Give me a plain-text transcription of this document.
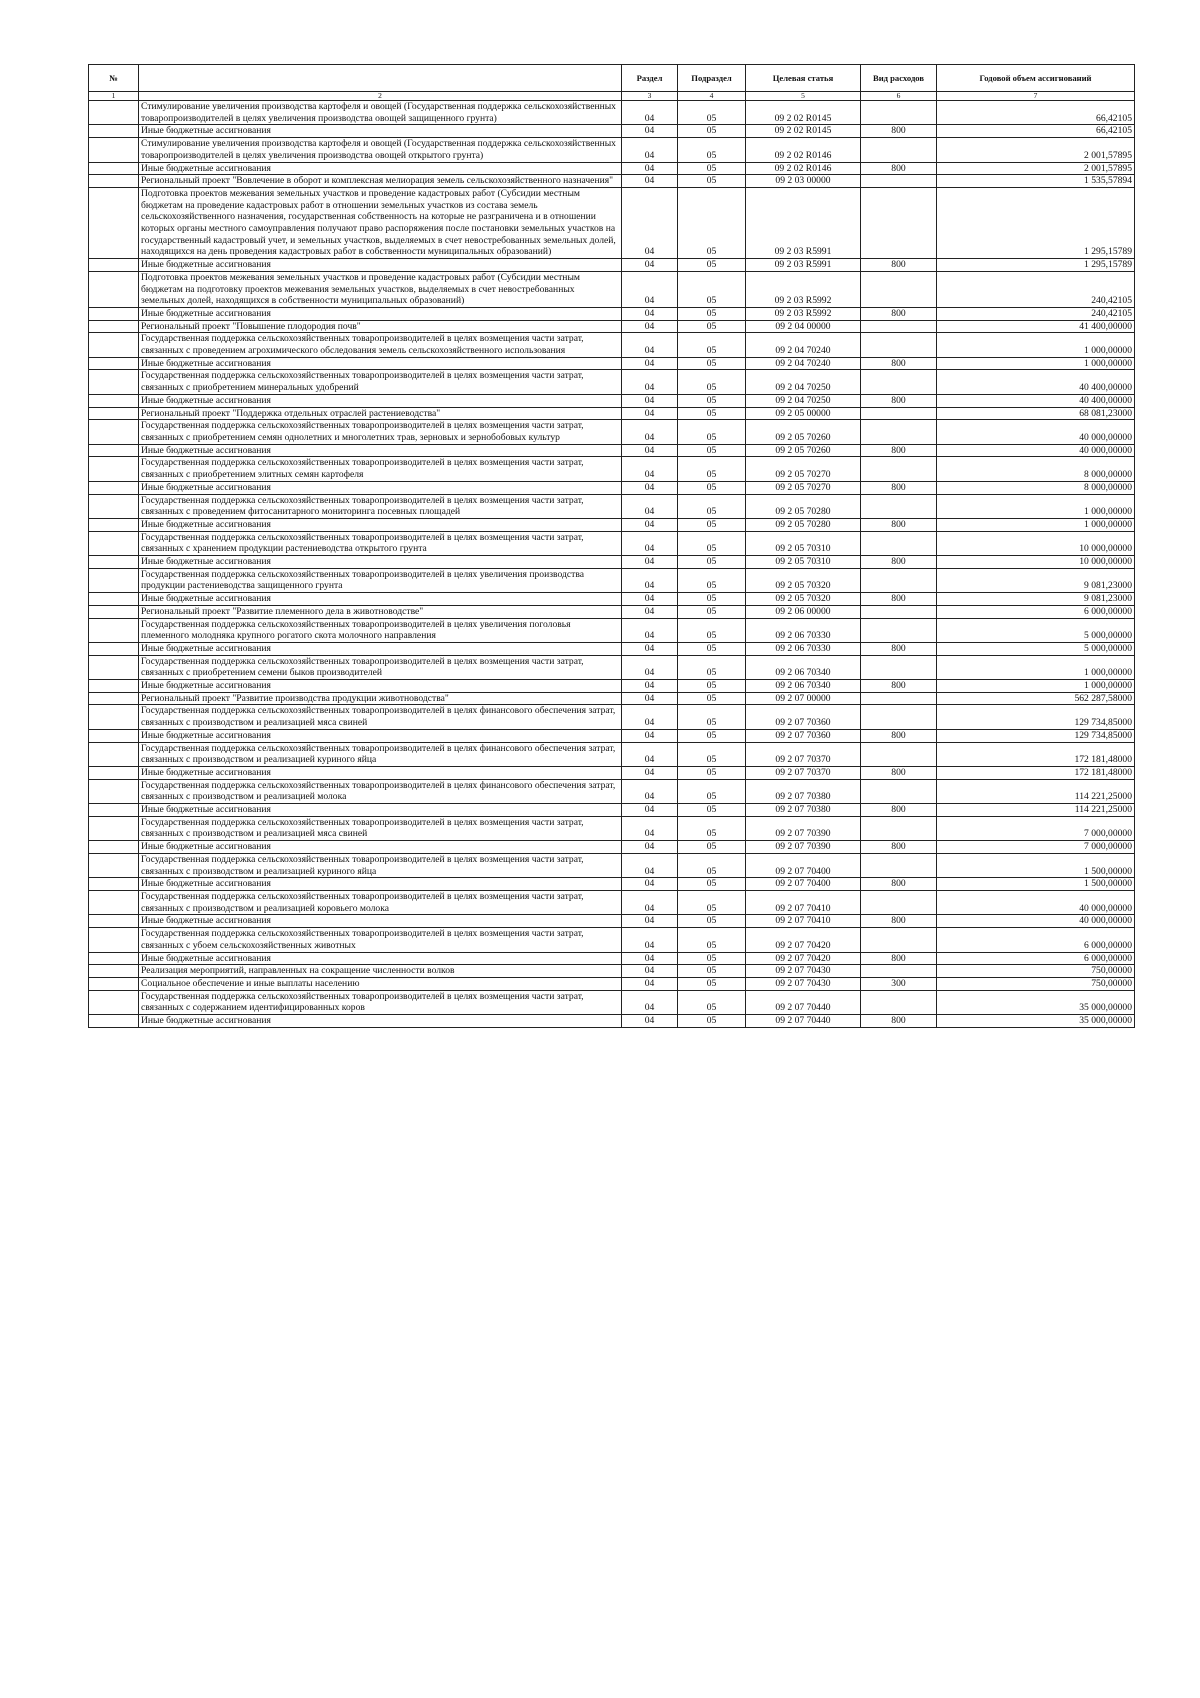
№		Раздел	Подраздел	Целевая статья	Вид расходов	Годовой объем ассигнований
1	2	3	4	5	6	7
	Стимулирование увеличения производства картофеля и овощей (Государственная поддержка сельскохозяйственных товаропроизводителей в целях увеличения производства овощей защищенного грунта)	04	05	09 2 02 R0145		66,42105
	Иные бюджетные ассигнования	04	05	09 2 02 R0145	800	66,42105
	Стимулирование увеличения производства картофеля и овощей (Государственная поддержка сельскохозяйственных товаропроизводителей в целях увеличения производства овощей открытого грунта)	04	05	09 2 02 R0146		2 001,57895
	Иные бюджетные ассигнования	04	05	09 2 02 R0146	800	2 001,57895
	Региональный проект "Вовлечение в оборот и комплексная мелиорация земель сельскохозяйственного назначения"	04	05	09 2 03 00000		1 535,57894
	Подготовка проектов межевания земельных участков и проведение кадастровых работ (Субсидии местным бюджетам на проведение кадастровых работ в отношении земельных участков из состава земель сельскохозяйственного назначения, государственная собственность на которые не разграничена и в отношении которых органы местного самоуправления получают право распоряжения после постановки земельных участков на государственный кадастровый учет, и земельных участков, выделяемых в счет невостребованных земельных долей, находящихся на день проведения кадастровых работ в собственности муниципальных образований)	04	05	09 2 03 R5991		1 295,15789
	Иные бюджетные ассигнования	04	05	09 2 03 R5991	800	1 295,15789
	Подготовка проектов межевания земельных участков и проведение кадастровых работ (Субсидии местным бюджетам на подготовку проектов межевания земельных участков, выделяемых в счет невостребованных земельных долей, находящихся в собственности муниципальных образований)	04	05	09 2 03 R5992		240,42105
	Иные бюджетные ассигнования	04	05	09 2 03 R5992	800	240,42105
	Региональный проект "Повышение плодородия почв"	04	05	09 2 04 00000		41 400,00000
	Государственная поддержка сельскохозяйственных товаропроизводителей в целях возмещения части затрат, связанных с проведением агрохимического обследования земель сельскохозяйственного использования	04	05	09 2 04 70240		1 000,00000
	Иные бюджетные ассигнования	04	05	09 2 04 70240	800	1 000,00000
	Государственная поддержка сельскохозяйственных товаропроизводителей в целях возмещения части затрат, связанных с приобретением минеральных удобрений	04	05	09 2 04 70250		40 400,00000
	Иные бюджетные ассигнования	04	05	09 2 04 70250	800	40 400,00000
	Региональный проект "Поддержка отдельных отраслей растениеводства"	04	05	09 2 05 00000		68 081,23000
	Государственная поддержка сельскохозяйственных товаропроизводителей в целях возмещения части затрат, связанных с приобретением семян однолетних и многолетних трав, зерновых и зернобобовых культур	04	05	09 2 05 70260		40 000,00000
	Иные бюджетные ассигнования	04	05	09 2 05 70260	800	40 000,00000
	Государственная поддержка сельскохозяйственных товаропроизводителей в целях возмещения части затрат, связанных с приобретением элитных семян картофеля	04	05	09 2 05 70270		8 000,00000
	Иные бюджетные ассигнования	04	05	09 2 05 70270	800	8 000,00000
	Государственная поддержка сельскохозяйственных товаропроизводителей в целях возмещения части затрат, связанных с проведением фитосанитарного мониторинга посевных площадей	04	05	09 2 05 70280		1 000,00000
	Иные бюджетные ассигнования	04	05	09 2 05 70280	800	1 000,00000
	Государственная поддержка сельскохозяйственных товаропроизводителей в целях возмещения части затрат, связанных с хранением продукции растениеводства открытого грунта	04	05	09 2 05 70310		10 000,00000
	Иные бюджетные ассигнования	04	05	09 2 05 70310	800	10 000,00000
	Государственная поддержка сельскохозяйственных товаропроизводителей в целях увеличения производства продукции растениеводства защищенного грунта	04	05	09 2 05 70320		9 081,23000
	Иные бюджетные ассигнования	04	05	09 2 05 70320	800	9 081,23000
	Региональный проект "Развитие племенного дела в животноводстве"	04	05	09 2 06 00000		6 000,00000
	Государственная поддержка сельскохозяйственных товаропроизводителей в целях увеличения поголовья племенного молодняка крупного рогатого скота молочного направления	04	05	09 2 06 70330		5 000,00000
	Иные бюджетные ассигнования	04	05	09 2 06 70330	800	5 000,00000
	Государственная поддержка сельскохозяйственных товаропроизводителей в целях возмещения части затрат, связанных с приобретением семени быков производителей	04	05	09 2 06 70340		1 000,00000
	Иные бюджетные ассигнования	04	05	09 2 06 70340	800	1 000,00000
	Региональный проект "Развитие производства продукции животноводства"	04	05	09 2 07 00000		562 287,58000
	Государственная поддержка сельскохозяйственных товаропроизводителей в целях финансового обеспечения затрат, связанных с производством и реализацией мяса свиней	04	05	09 2 07 70360		129 734,85000
	Иные бюджетные ассигнования	04	05	09 2 07 70360	800	129 734,85000
	Государственная поддержка сельскохозяйственных товаропроизводителей в целях финансового обеспечения затрат, связанных с производством и реализацией куриного яйца	04	05	09 2 07 70370		172 181,48000
	Иные бюджетные ассигнования	04	05	09 2 07 70370	800	172 181,48000
	Государственная поддержка сельскохозяйственных товаропроизводителей в целях финансового обеспечения затрат, связанных с производством и реализацией молока	04	05	09 2 07 70380		114 221,25000
	Иные бюджетные ассигнования	04	05	09 2 07 70380	800	114 221,25000
	Государственная поддержка сельскохозяйственных товаропроизводителей в целях возмещения части затрат, связанных с производством и реализацией мяса свиней	04	05	09 2 07 70390		7 000,00000
	Иные бюджетные ассигнования	04	05	09 2 07 70390	800	7 000,00000
	Государственная поддержка сельскохозяйственных товаропроизводителей в целях возмещения части затрат, связанных с производством и реализацией куриного яйца	04	05	09 2 07 70400		1 500,00000
	Иные бюджетные ассигнования	04	05	09 2 07 70400	800	1 500,00000
	Государственная поддержка сельскохозяйственных товаропроизводителей в целях возмещения части затрат, связанных с производством и реализацией коровьего молока	04	05	09 2 07 70410		40 000,00000
	Иные бюджетные ассигнования	04	05	09 2 07 70410	800	40 000,00000
	Государственная поддержка сельскохозяйственных товаропроизводителей в целях возмещения части затрат, связанных с убоем сельскохозяйственных животных	04	05	09 2 07 70420		6 000,00000
	Иные бюджетные ассигнования	04	05	09 2 07 70420	800	6 000,00000
	Реализация мероприятий, направленных на сокращение численности волков	04	05	09 2 07 70430		750,00000
	Социальное обеспечение и иные выплаты населению	04	05	09 2 07 70430	300	750,00000
	Государственная поддержка сельскохозяйственных товаропроизводителей в целях возмещения части затрат, связанных с содержанием идентифицированных коров	04	05	09 2 07 70440		35 000,00000
	Иные бюджетные ассигнования	04	05	09 2 07 70440	800	35 000,00000
